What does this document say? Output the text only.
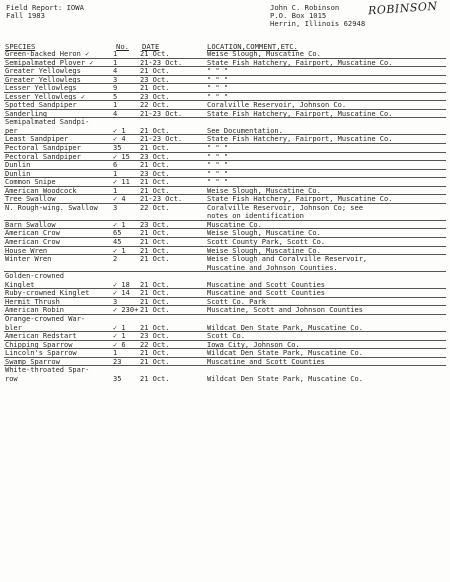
Field Report: IOWA
Fall 1983
John C. Robinson
P.O. Box 1015
Herrin, Illinois 62948
ROBINSON
SPECIES	No. DATE	LOCATION,COMMENT,ETC.
Green-backed Heron ✓	1	21 Oct.	Weise Slough, Muscatine Co.
Semipalmated Plover ✓	1	21-23 Oct.	State Fish Hatchery, Fairport, Muscatine Co.
Greater Yellowlegs	4	21 Oct.	" " "
Greater Yellowlegs	3	23 Oct.	" " "
Lesser Yellowlegs	9	21 Oct.	" " "
Lesser Yellowlegs ✓	5	23 Oct.	" " "
Spotted Sandpiper	1	22 Oct.	Coralville Reservoir, Johnson Co.
Sanderling	4	21-23 Oct.	State Fish Hatchery, Fairport, Muscatine Co.
Semipalmated Sandpi-
per	✓ 1 21 Oct.	See Documentation.
Least Sandpiper	✓ 4 21-23 Oct.	State Fish Hatchery, Fairport, Muscatine Co.
Pectoral Sandpiper	35	21 Oct.	" " "
Pectoral Sandpiper	✓ 15 23 Oct.	" " "
Dunlin	6	21 Oct.	" " "
Dunlin	1	23 Oct.	" " "
Common Snipe	✓ 11 21 Oct.	" " "
American Woodcock	1	21 Oct.	Weise Slough, Muscatine Co.
Tree Swallow	✓ 4 21-23 Oct.	State Fish Hatchery, Fairport, Muscatine Co.
N. Rough-wing. Swallow 3	22 Oct.	Coralville Reservoir, Johnson Co; see
notes on identification
Barn Swallow	✓ 1 23 Oct.	Muscatine Co.
American Crow	65	21 Oct.	Weise Slough, Muscatine Co.
American Crow	45	21 Oct.	Scott County Park, Scott Co.
House Wren	✓ 1 21 Oct.	Weise Slough, Muscatine Co.
Winter Wren	2	21 Oct.	Weise Slough and Coralville Reservoir,
Muscatine and Johnson Counties.
Golden-crowned
Kinglet	✓ 18 21 Oct.	Muscatine and Scott Counties
Ruby-crowned Kinglet	✓ 14 21 Oct.	Muscatine and Scott Counties
Hermit Thrush	3	21 Oct.	Scott Co. Park
American Robin	✓ 230+ 21 Oct.	Muscatine, Scott and Johnson Counties
Orange-crowned War-
bler	✓ 1 21 Oct.	Wildcat Den State Park, Muscatine Co.
American Redstart	✓ 1 23 Oct.	Scott Co.
Chipping Sparrow	✓ 6 22 Oct.	Iowa City, Johnson Co.
Lincoln's Sparrow	1	21 Oct.	Wildcat Den State Park, Muscatine Co.
Swamp Sparrow	23	21 Oct.	Muscatine and Scott Counties
White-throated Spar-
row	35	21 Oct.	Wildcat Den State Park, Muscatine Co.
